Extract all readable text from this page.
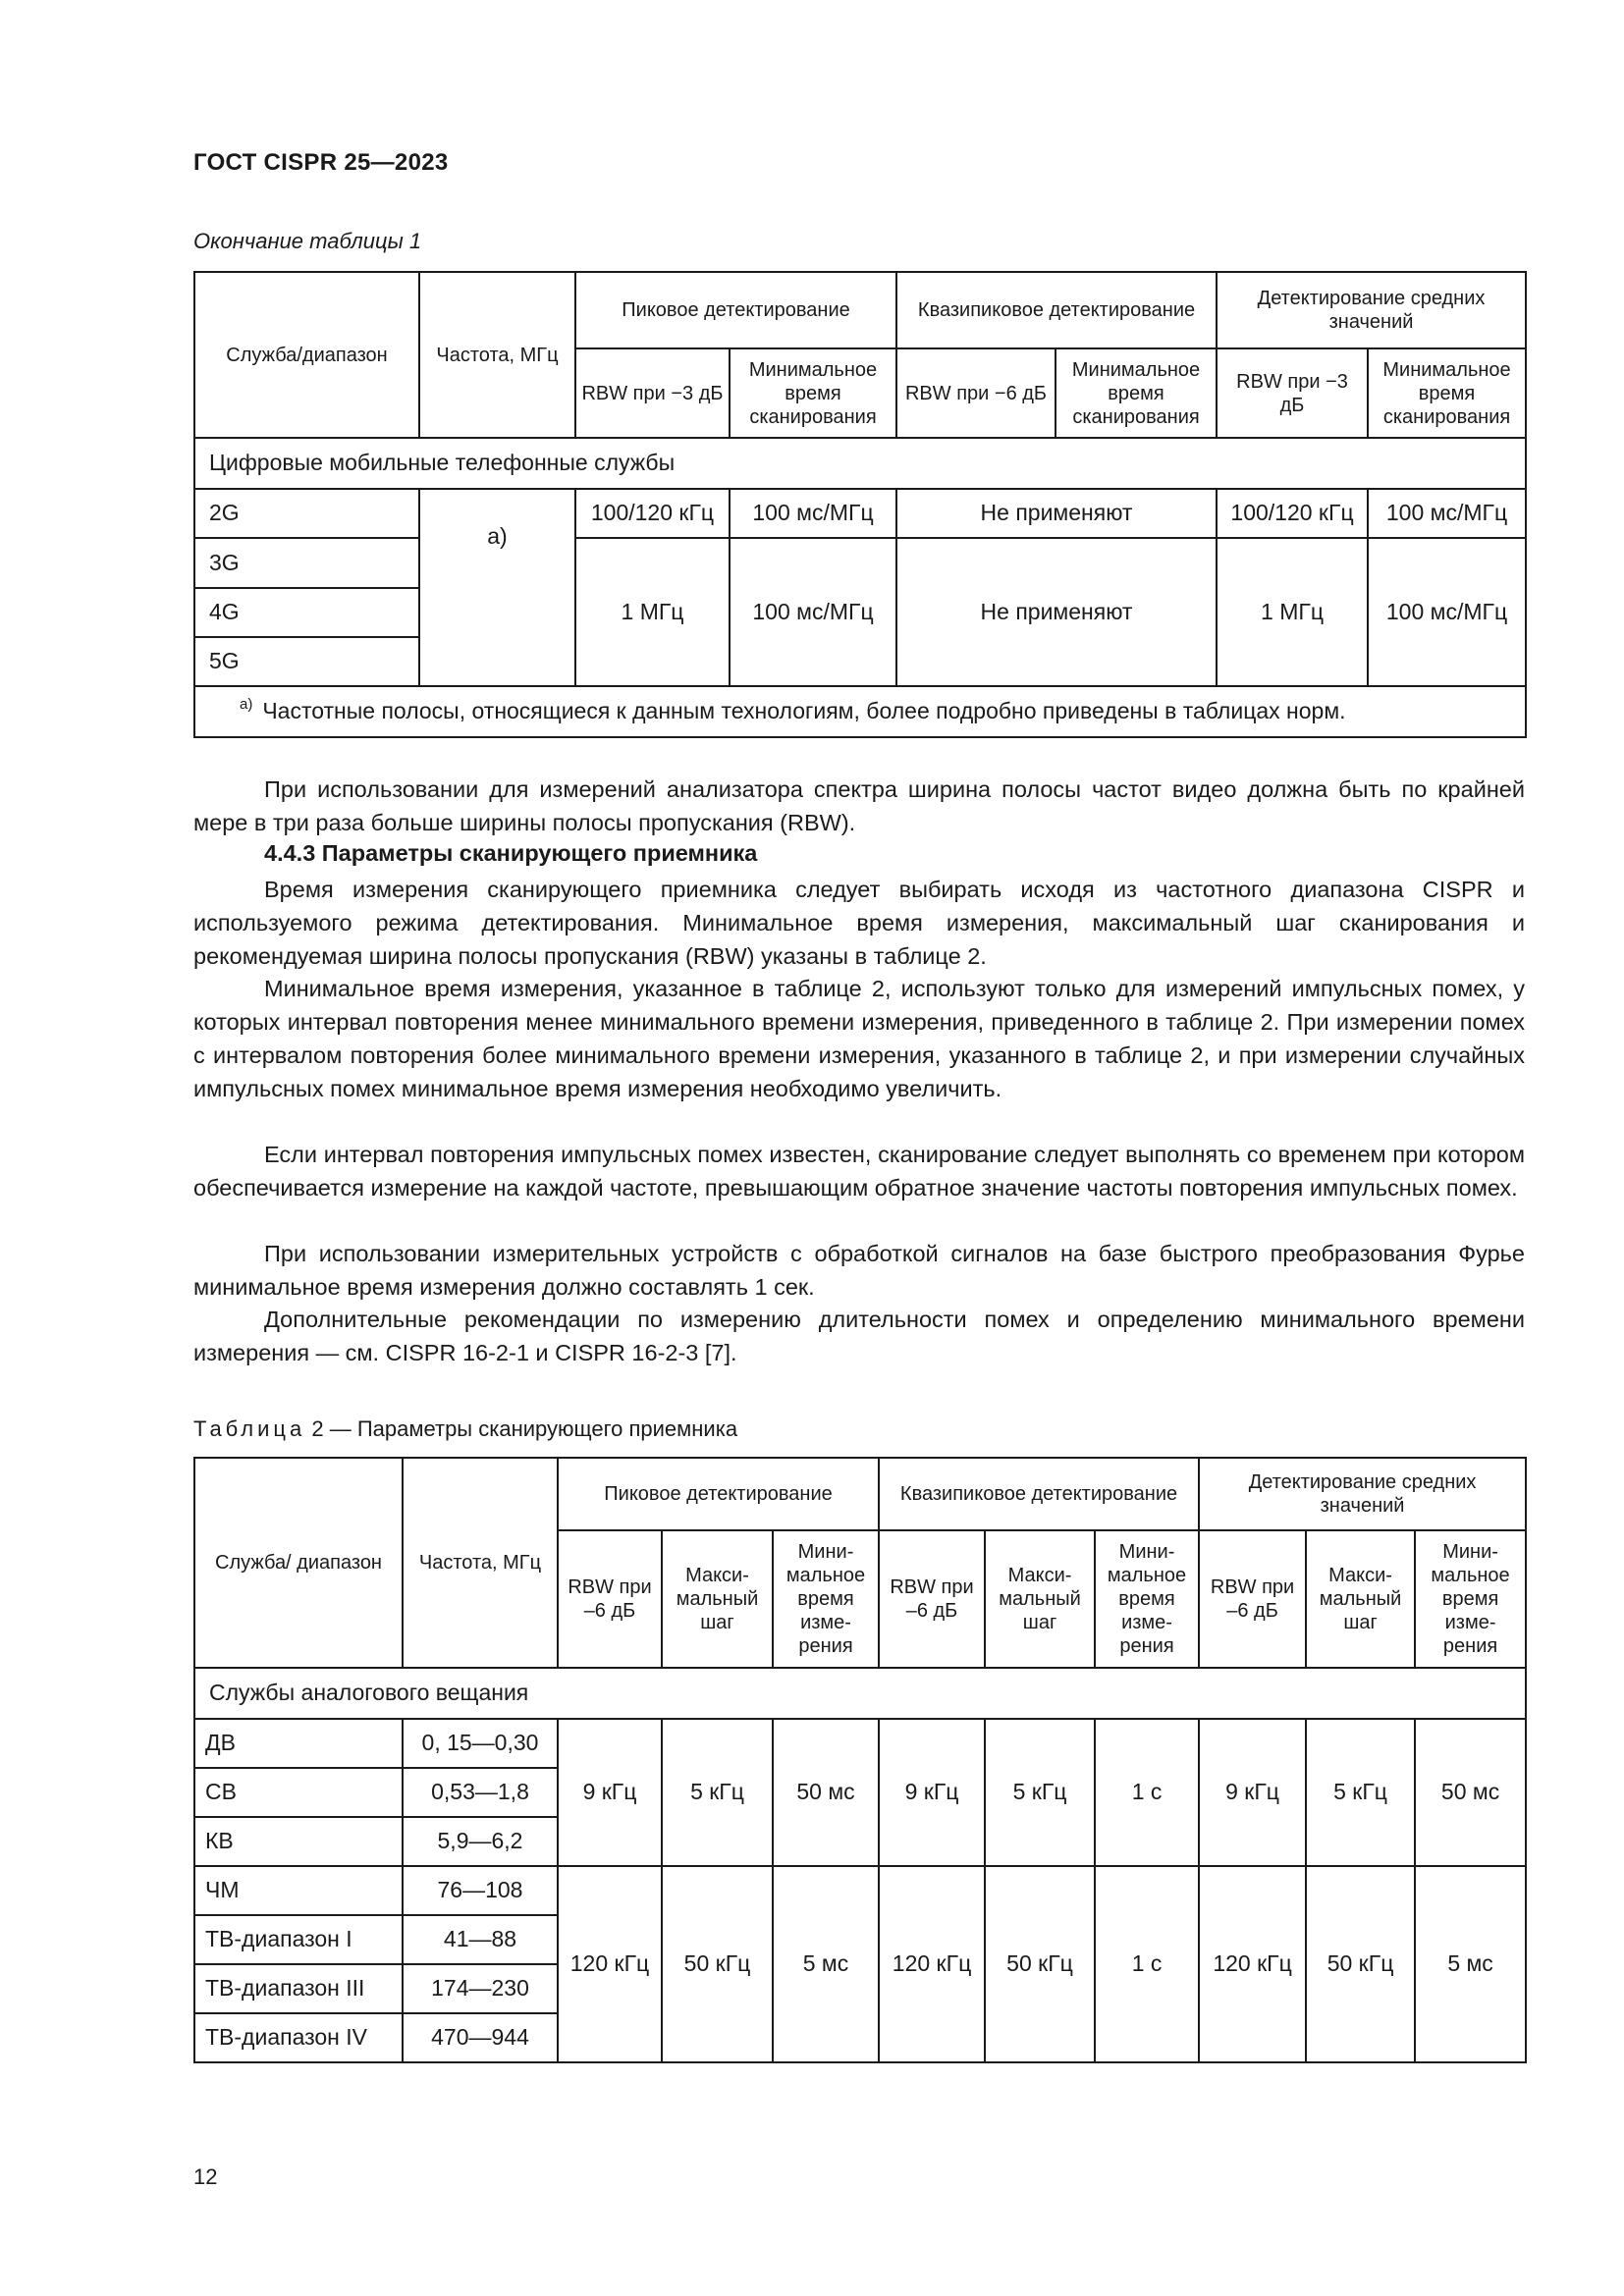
ГОСТ CISPR 25—2023
Окончание таблицы 1
Служба/диапазон	Частота, МГц	Пиковое детектирование		Квазипиковое детектирование		Детектирование средних значений	
		RBW при −3 дБ	Минимальное время сканирования	RBW при −6 дБ	Минимальное время сканирования	RBW при −3 дБ	Минимальное время сканирования
Цифровые мобильные телефонные службы							
2G	а)	100/120 кГц	100 мс/МГц	Не применяют		100/120 кГц	100 мс/МГц
3G		1 МГц	100 мс/МГц	Не применяют		1 МГц	100 мс/МГц
4G							
5G							
$^{а)}$ Частотные полосы, относящиеся к данным технологиям, более подробно приведены в таблицах норм.							

При использовании для измерений анализатора спектра ширина полосы частот видео должна быть по крайней мере в три раза больше ширины полосы пропускания (RBW).

4.4.3 Параметры сканирующего приемника

Время измерения сканирующего приемника следует выбирать исходя из частотного диапазона CISPR и используемого режима детектирования. Минимальное время измерения, максимальный шаг сканирования и рекомендуемая ширина полосы пропускания (RBW) указаны в таблице 2.

Минимальное время измерения, указанное в таблице 2, используют только для измерений импульсных помех, у которых интервал повторения менее минимального времени измерения, приведенного в таблице 2. При измерении помех с интервалом повторения более минимального времени измерения, указанного в таблице 2, и при измерении случайных импульсных помех минимальное время измерения необходимо увеличить.

Если интервал повторения импульсных помех известен, сканирование следует выполнять со временем при котором обеспечивается измерение на каждой частоте, превышающим обратное значение частоты повторения импульсных помех.

При использовании измерительных устройств с обработкой сигналов на базе быстрого преобразования Фурье минимальное время измерения должно составлять 1 сек.

Дополнительные рекомендации по измерению длительности помех и определению минимального времени измерения — см. CISPR 16-2-1 и CISPR 16-2-3 [7].

Таблица 2 — Параметры сканирующего приемника
Служба/ диапазон	Частота, МГц	Пиковое детектирование			Квазипиковое детектирование			Детектирование средних значений		
		RBW при –6 дБ	Макси-мальный шаг	Мини-мальное время изме-рения	RBW при –6 дБ	Макси-мальный шаг	Мини-мальное время изме-рения	RBW при –6 дБ	Макси-мальный шаг	Мини-мальное время изме-рения
Службы аналогового вещания										
ДВ	0, 15—0,30	9 кГц	5 кГц	50 мс	9 кГц	5 кГц	1 с	9 кГц	5 кГц	50 мс
СВ	0,53—1,8									
КВ	5,9—6,2									
ЧМ	76—108	120 кГц	50 кГц	5 мс	120 кГц	50 кГц	1 с	120 кГц	50 кГц	5 мс
ТВ-диапазон I	41—88									
ТВ-диапазон III	174—230									
ТВ-диапазон IV	470—944									
12
